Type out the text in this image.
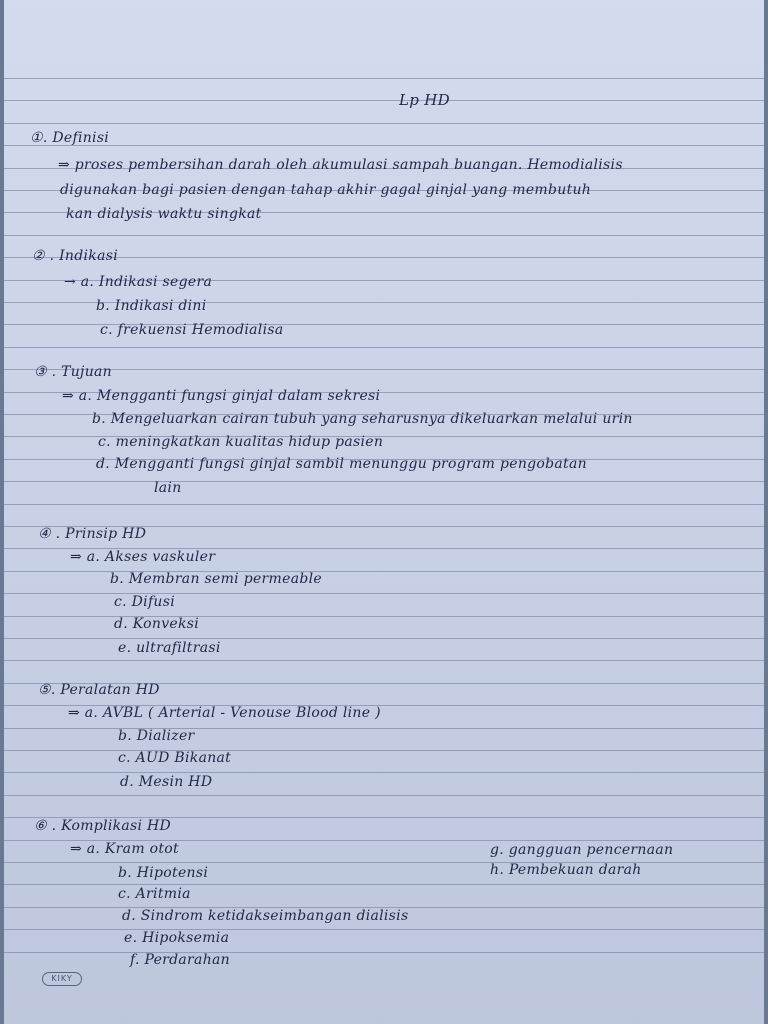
Lp HD
①. Definisi
⇒ proses pembersihan darah oleh akumulasi sampah buangan. Hemodialisis
digunakan bagi pasien dengan tahap akhir gagal ginjal yang membutuh
kan dialysis waktu singkat
② . Indikasi
→ a. Indikasi segera
b. Indikasi dini
c. frekuensi Hemodialisa
③ . Tujuan
⇒ a. Mengganti fungsi ginjal dalam sekresi
b. Mengeluarkan cairan tubuh yang seharusnya dikeluarkan melalui urin
c. meningkatkan kualitas hidup pasien
d. Mengganti fungsi ginjal sambil menunggu program pengobatan
lain
④ . Prinsip HD
⇒ a. Akses vaskuler
b. Membran semi permeable
c. Difusi
d. Konveksi
e. ultrafiltrasi
⑤. Peralatan HD
⇒ a. AVBL ( Arterial - Venouse Blood line )
b. Dializer
c. AUD Bikanat
d. Mesin HD
⑥ . Komplikasi HD
⇒ a. Kram otot
b. Hipotensi
c. Aritmia
d. Sindrom ketidakseimbangan dialisis
e. Hipoksemia
f. Perdarahan
g. gangguan pencernaan
h. Pembekuan darah
KIKY
